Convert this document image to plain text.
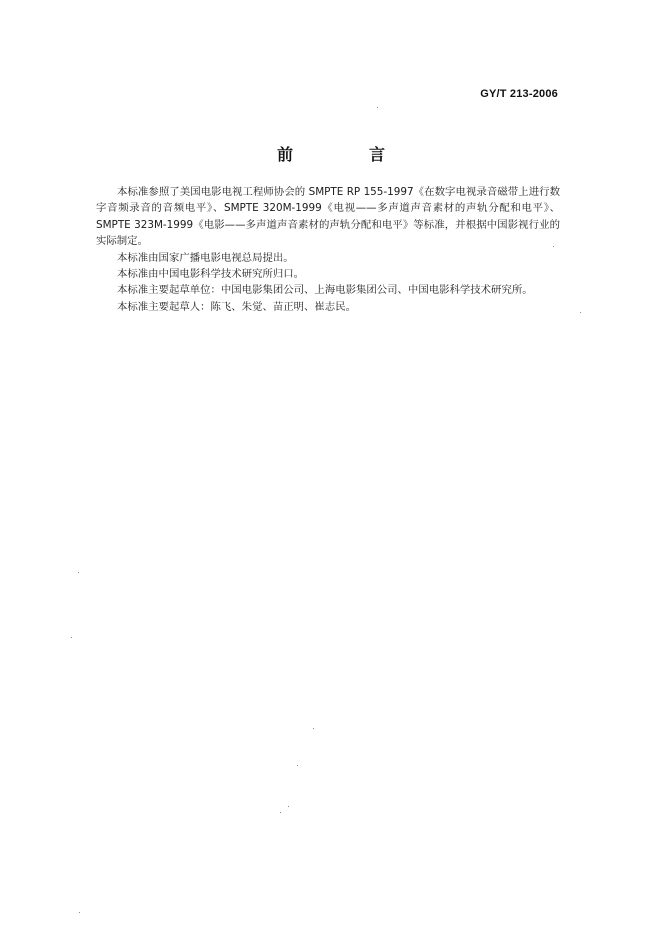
GY/T 213-2006
前　言

本标准参照了美国电影电视工程师协会的 SMPTE RP 155-1997《在数字电视录音磁带上进行数字音频录音的音频电平》、SMPTE 320M-1999《电视——多声道声音素材的声轨分配和电平》、SMPTE 323M-1999《电影——多声道声音素材的声轨分配和电平》等标准，并根据中国影视行业的实际制定。

本标准由国家广播电影电视总局提出。

本标准由中国电影科学技术研究所归口。

本标准主要起草单位：中国电影集团公司、上海电影集团公司、中国电影科学技术研究所。

本标准主要起草人：陈飞、朱觉、苗正明、崔志民。
